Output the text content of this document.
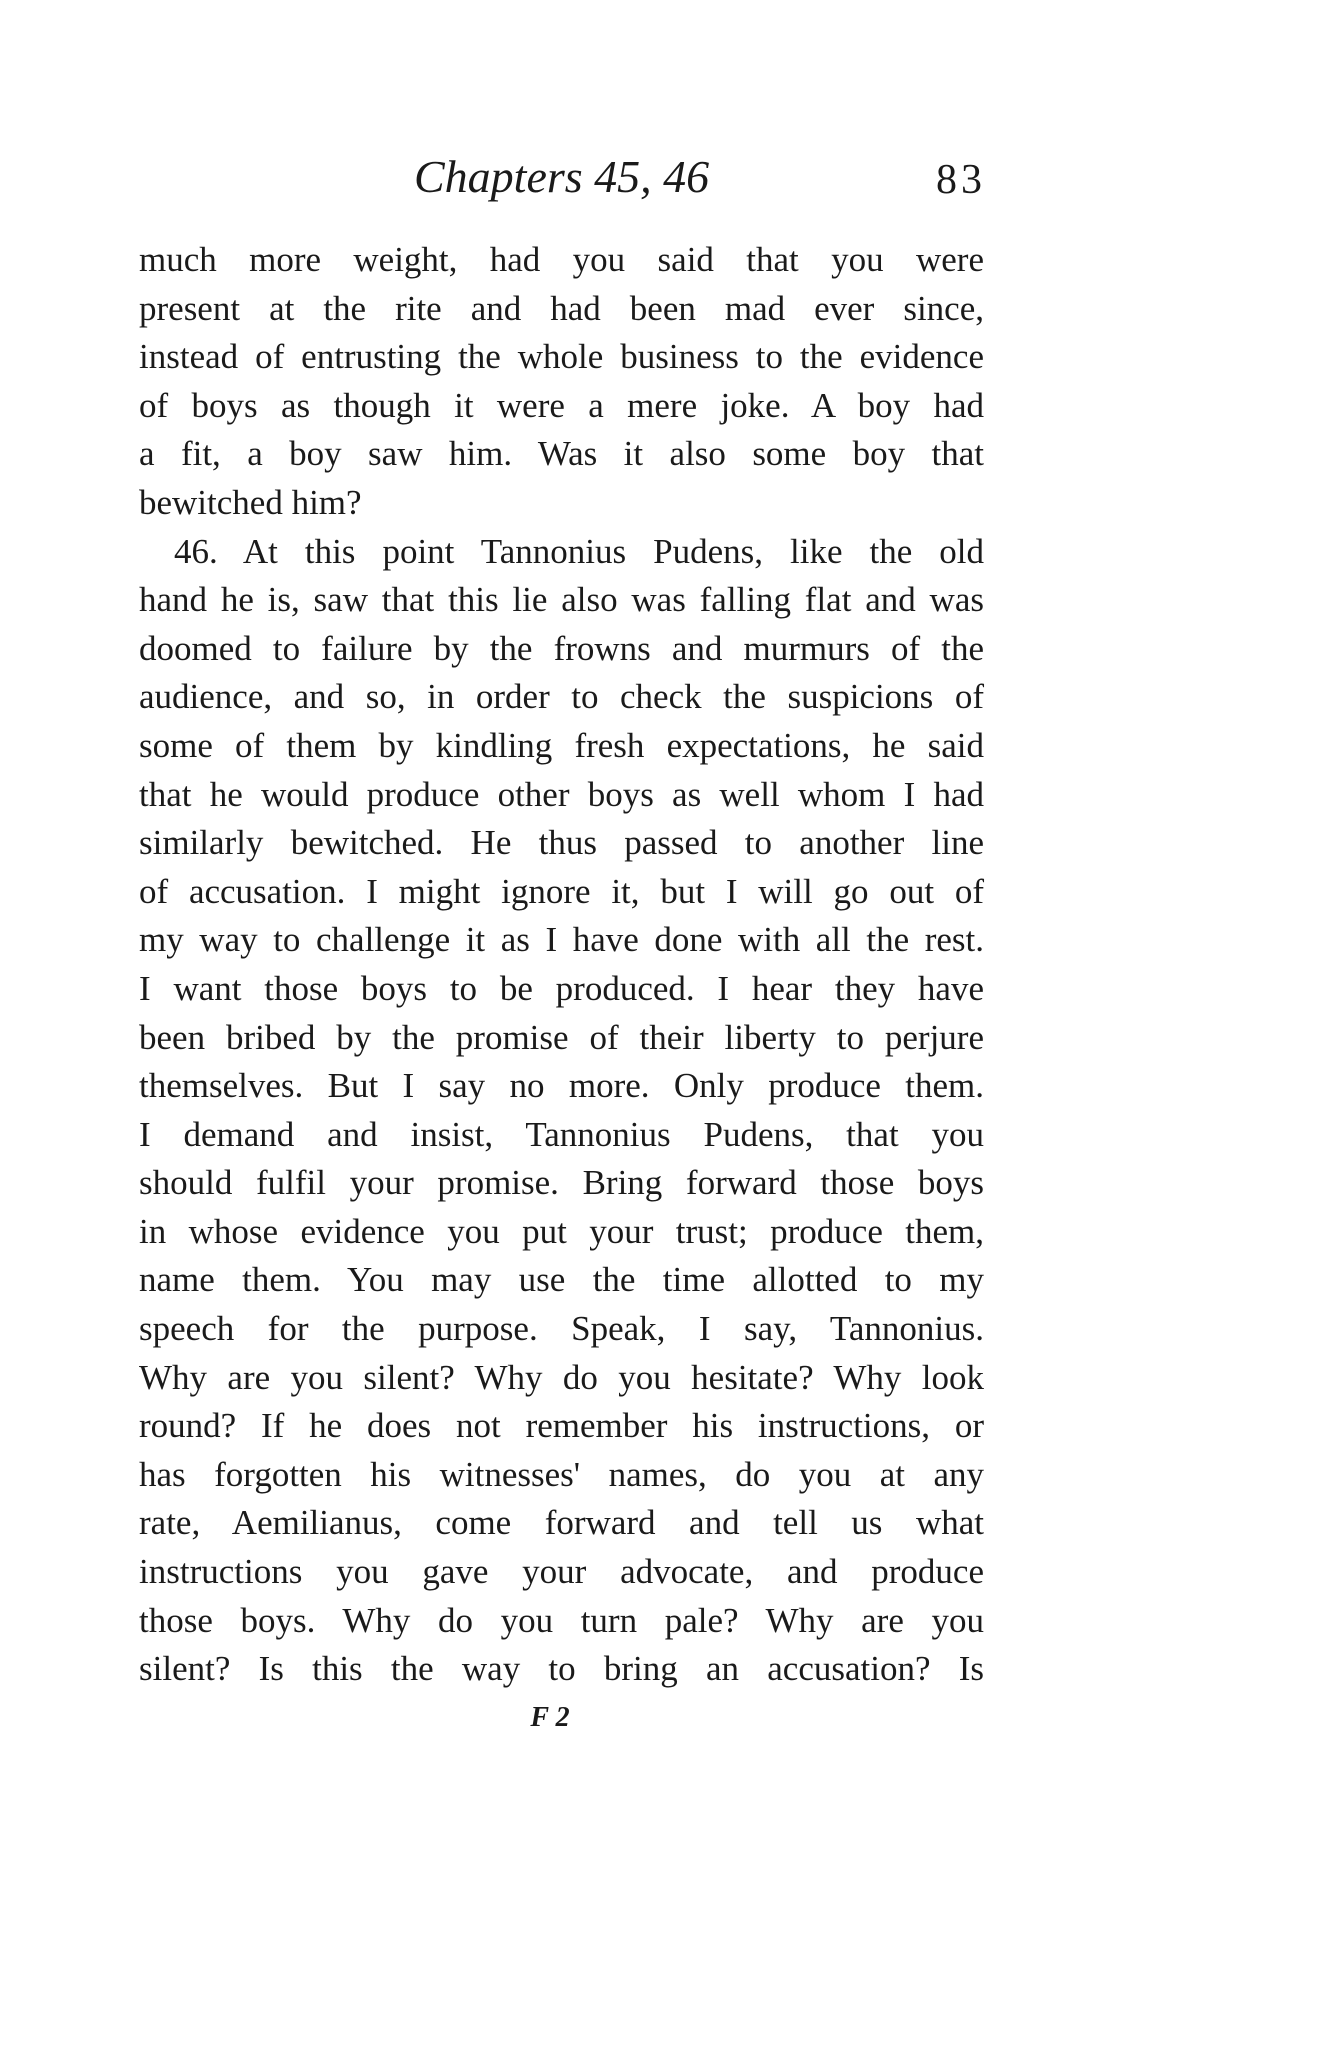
Chapters 45, 46	83
much more weight, had you said that you were
present at the rite and had been mad ever since,
instead of entrusting the whole business to the evidence
of boys as though it were a mere joke. A boy had
a fit, a boy saw him. Was it also some boy that
bewitched him?
46. At this point Tannonius Pudens, like the old
hand he is, saw that this lie also was falling flat and was
doomed to failure by the frowns and murmurs of the
audience, and so, in order to check the suspicions of
some of them by kindling fresh expectations, he said
that he would produce other boys as well whom I had
similarly bewitched. He thus passed to another line
of accusation. I might ignore it, but I will go out of
my way to challenge it as I have done with all the rest.
I want those boys to be produced. I hear they have
been bribed by the promise of their liberty to perjure
themselves. But I say no more. Only produce them.
I demand and insist, Tannonius Pudens, that you
should fulfil your promise. Bring forward those boys
in whose evidence you put your trust; produce them,
name them. You may use the time allotted to my
speech for the purpose. Speak, I say, Tannonius.
Why are you silent? Why do you hesitate? Why look
round? If he does not remember his instructions, or
has forgotten his witnesses' names, do you at any
rate, Aemilianus, come forward and tell us what
instructions you gave your advocate, and produce
those boys. Why do you turn pale? Why are you
silent? Is this the way to bring an accusation? Is
F 2
